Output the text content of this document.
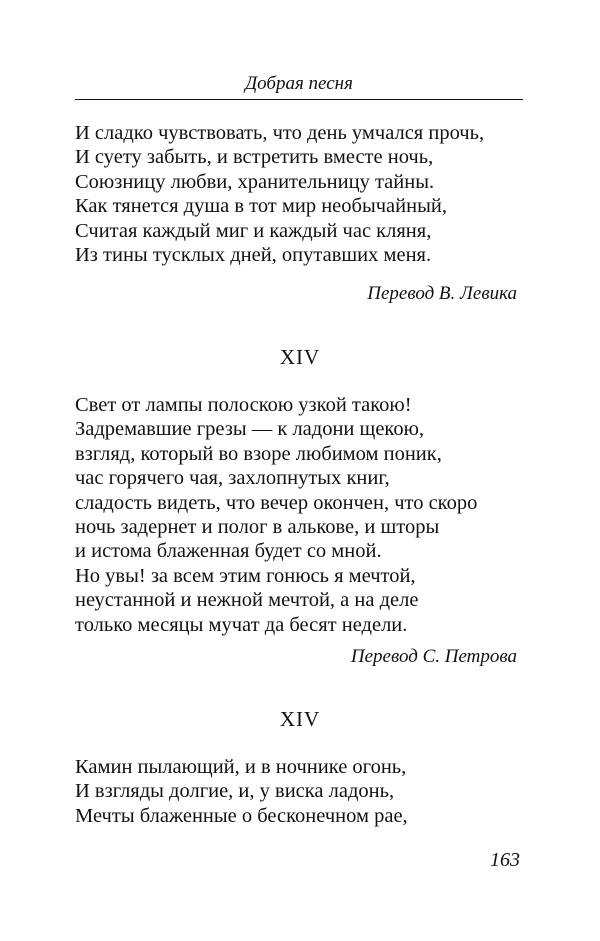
Добрая песня
И сладко чувствовать, что день умчался прочь,
И суету забыть, и встретить вместе ночь,
Союзницу любви, хранительницу тайны.
Как тянется душа в тот мир необычайный,
Считая каждый миг и каждый час кляня,
Из тины тусклых дней, опутавших меня.
Перевод В. Левика
XIV
Свет от лампы полоскою узкой такою!
Задремавшие грезы — к ладони щекою,
взгляд, который во взоре любимом поник,
час горячего чая, захлопнутых книг,
сладость видеть, что вечер окончен, что скоро
ночь задернет и полог в алькове, и шторы
и истома блаженная будет со мной.
Но увы! за всем этим гонюсь я мечтой,
неустанной и нежной мечтой, а на деле
только месяцы мучат да бесят недели.
Перевод С. Петрова
XIV
Камин пылающий, и в ночнике огонь,
И взгляды долгие, и, у виска ладонь,
Мечты блаженные о бесконечном рае,
163
